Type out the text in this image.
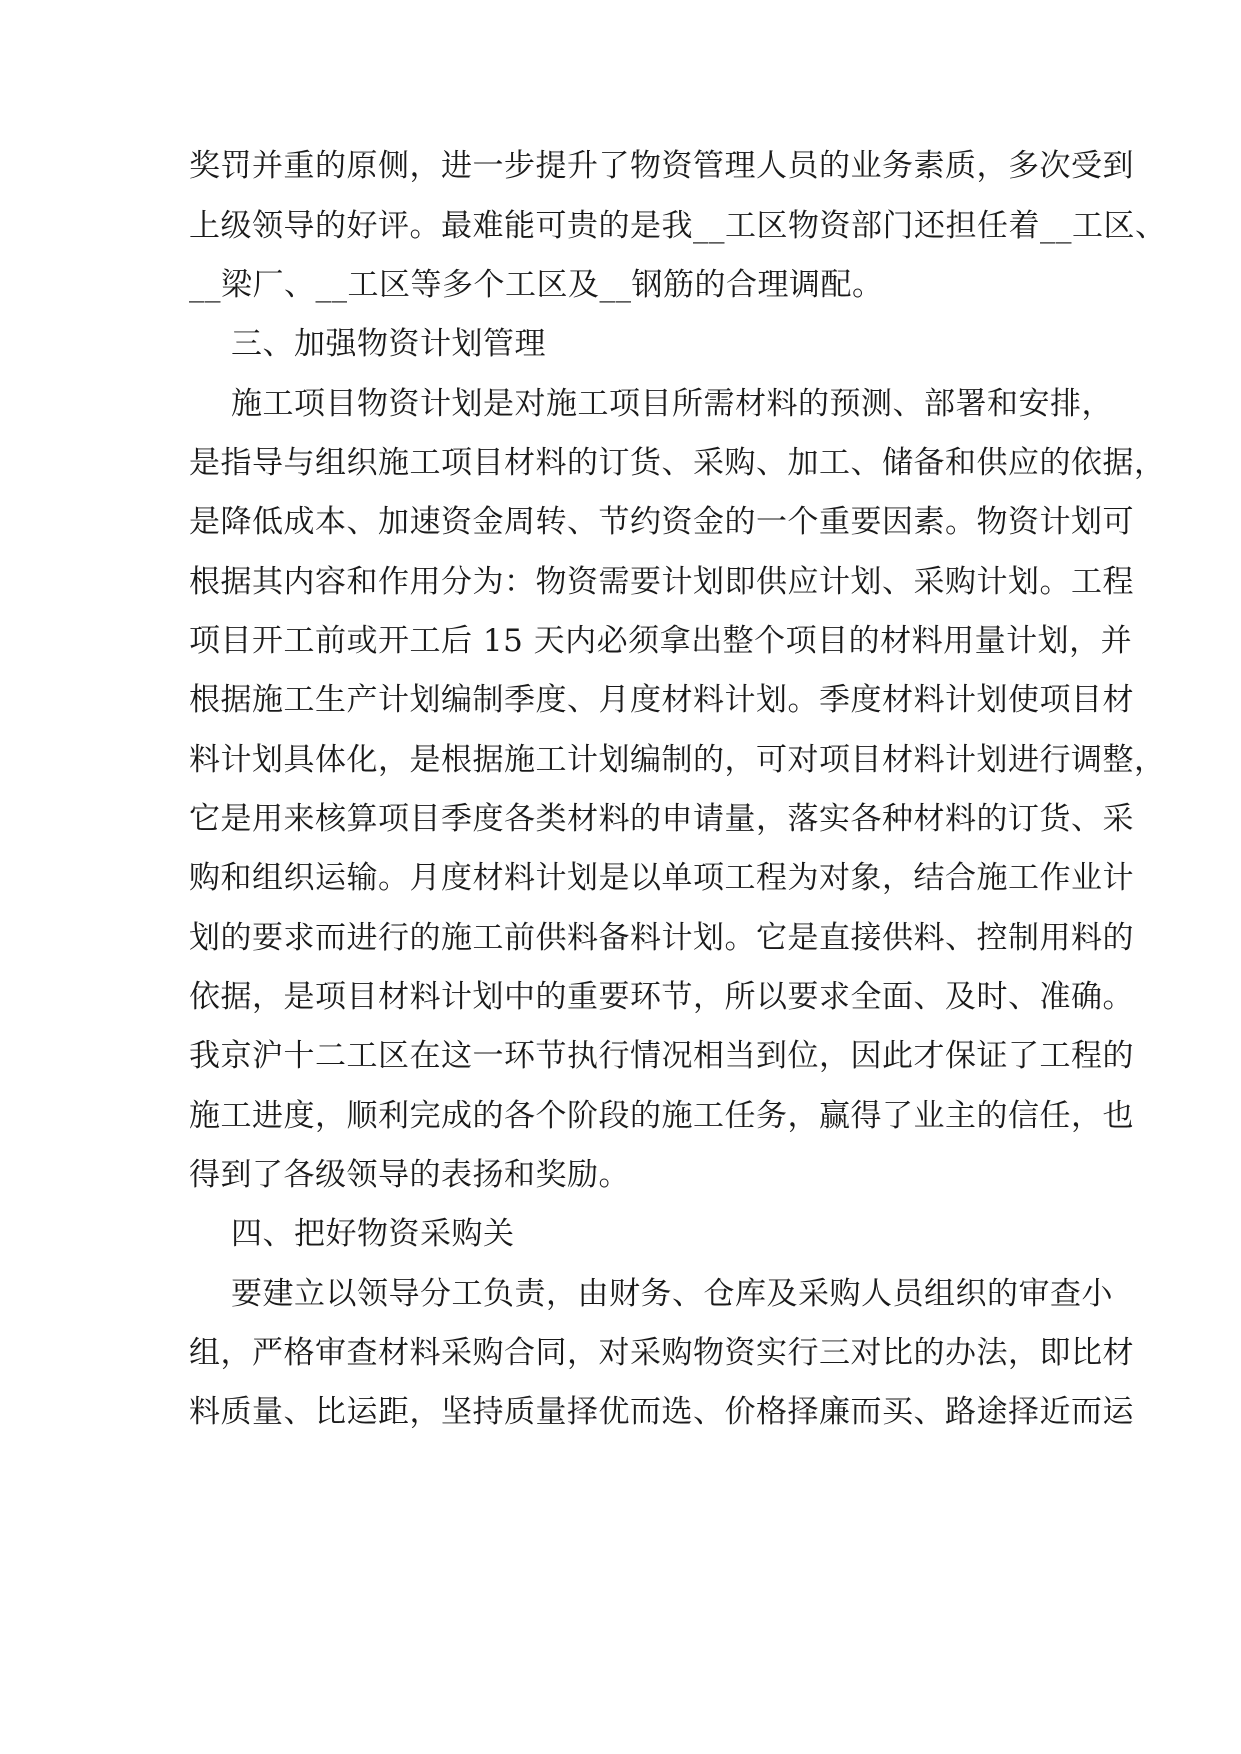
奖罚并重的原侧，进一步提升了物资管理人员的业务素质，多次受到
上级领导的好评。最难能可贵的是我__工区物资部门还担任着__工区、
__梁厂、__工区等多个工区及__钢筋的合理调配。
三、加强物资计划管理
施工项目物资计划是对施工项目所需材料的预测、部署和安排，
是指导与组织施工项目材料的订货、采购、加工、储备和供应的依据，
是降低成本、加速资金周转、节约资金的一个重要因素。物资计划可
根据其内容和作用分为：物资需要计划即供应计划、采购计划。工程
项目开工前或开工后 15 天内必须拿出整个项目的材料用量计划，并
根据施工生产计划编制季度、月度材料计划。季度材料计划使项目材
料计划具体化，是根据施工计划编制的，可对项目材料计划进行调整，
它是用来核算项目季度各类材料的申请量，落实各种材料的订货、采
购和组织运输。月度材料计划是以单项工程为对象，结合施工作业计
划的要求而进行的施工前供料备料计划。它是直接供料、控制用料的
依据，是项目材料计划中的重要环节，所以要求全面、及时、准确。
我京沪十二工区在这一环节执行情况相当到位，因此才保证了工程的
施工进度，顺利完成的各个阶段的施工任务，赢得了业主的信任，也
得到了各级领导的表扬和奖励。
四、把好物资采购关
要建立以领导分工负责，由财务、仓库及采购人员组织的审查小
组，严格审查材料采购合同，对采购物资实行三对比的办法，即比材
料质量、比运距，坚持质量择优而选、价格择廉而买、路途择近而运
